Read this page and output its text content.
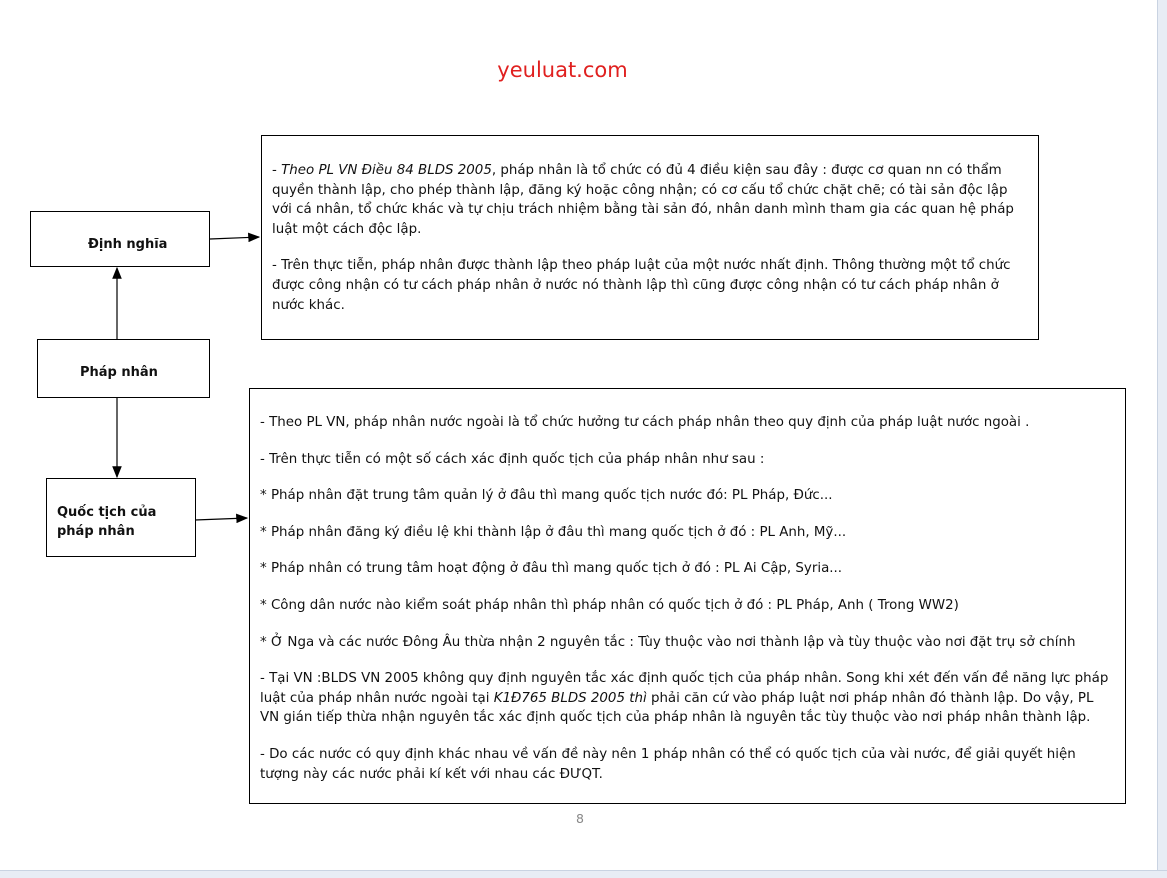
yeuluat.com
Định nghĩa
Pháp nhân
Quốc tịch của
pháp nhân

- Theo PL VN Điều 84 BLDS 2005, pháp nhân là tổ chức có đủ 4 điều kiện sau đây : được cơ quan nn có thẩm quyền thành lập, cho phép thành lập, đăng ký hoặc công nhận; có cơ cấu tổ chức chặt chẽ; có tài sản độc lập với cá nhân, tổ chức khác và tự chịu trách nhiệm bằng tài sản đó, nhân danh mình tham gia các quan hệ pháp luật một cách độc lập.

- Trên thực tiễn, pháp nhân được thành lập theo pháp luật của một nước nhất định. Thông thường một tổ chức được công nhận có tư cách pháp nhân ở nước nó thành lập thì cũng được công nhận có tư cách pháp nhân ở nước khác.

- Theo PL VN, pháp nhân nước ngoài là tổ chức hưởng tư cách pháp nhân theo quy định của pháp luật nước ngoài .

- Trên thực tiễn có một số cách xác định quốc tịch của pháp nhân như sau :

* Pháp nhân đặt trung tâm quản lý ở đâu thì mang quốc tịch nước đó: PL Pháp, Đức...

* Pháp nhân đăng ký điều lệ khi thành lập ở đâu thì mang quốc tịch ở đó : PL Anh, Mỹ...

* Pháp nhân có trung tâm hoạt động ở đâu thì mang quốc tịch ở đó : PL Ai Cập, Syria...

* Công dân nước nào kiểm soát pháp nhân thì pháp nhân có quốc tịch ở đó : PL Pháp, Anh ( Trong WW2)

* Ở Nga và các nước Đông Âu thừa nhận 2 nguyên tắc : Tùy thuộc vào nơi thành lập và tùy thuộc vào nơi đặt trụ sở chính

- Tại VN :BLDS VN 2005 không quy định nguyên tắc xác định quốc tịch của pháp nhân. Song khi xét đến vấn đề năng lực pháp luật của pháp nhân nước ngoài tại K1Đ765 BLDS 2005 thì phải căn cứ vào pháp luật nơi pháp nhân đó thành lập. Do vậy, PL VN gián tiếp thừa nhận nguyên tắc xác định quốc tịch của pháp nhân là nguyên tắc tùy thuộc vào nơi pháp nhân thành lập.

- Do các nước có quy định khác nhau về vấn đề này nên 1 pháp nhân có thể có quốc tịch của vài nước, để giải quyết hiện tượng này các nước phải kí kết với nhau các ĐƯQT.

8
